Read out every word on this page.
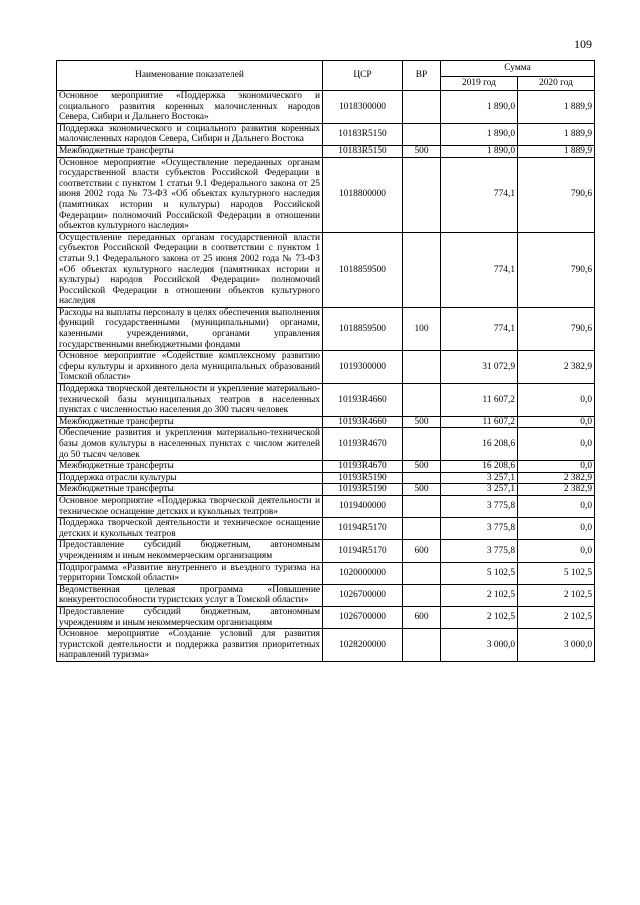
109
Наименование показателей	ЦСР	ВР	Сумма	
			2019 год	2020 год
Основное мероприятие «Поддержка экономического и социального развития коренных малочисленных народов Севера, Сибири и Дальнего Востока»	1018300000		1 890,0	1 889,9
Поддержка экономического и социального развития коренных малочисленных народов Севера, Сибири и Дальнего Востока	10183R5150		1 890,0	1 889,9
Межбюджетные трансферты	10183R5150	500	1 890,0	1 889,9
Основное мероприятие «Осуществление переданных органам государственной власти субъектов Российской Федерации в соответствии с пунктом 1 статьи 9.1 Федерального закона от 25 июня 2002 года № 73-ФЗ «Об объектах культурного наследия (памятниках истории и культуры) народов Российской Федерации» полномочий Российской Федерации в отношении объектов культурного наследия»	1018800000		774,1	790,6
Осуществление переданных органам государственной власти субъектов Российской Федерации в соответствии с пунктом 1 статьи 9.1 Федерального закона от 25 июня 2002 года № 73-ФЗ «Об объектах культурного наследия (памятниках истории и культуры) народов Российской Федерации» полномочий Российской Федерации в отношении объектов культурного наследия	1018859500		774,1	790,6
Расходы на выплаты персоналу в целях обеспечения выполнения функций государственными (муниципальными) органами, казенными учреждениями, органами управления государственными внебюджетными фондами	1018859500	100	774,1	790,6
Основное мероприятие «Содействие комплексному развитию сферы культуры и архивного дела муниципальных образований Томской области»	1019300000		31 072,9	2 382,9
Поддержка творческой деятельности и укрепление материально-технической базы муниципальных театров в населенных пунктах с численностью населения до 300 тысяч человек	10193R4660		11 607,2	0,0
Межбюджетные трансферты	10193R4660	500	11 607,2	0,0
Обеспечение развития и укрепления материально-технической базы домов культуры в населенных пунктах с числом жителей до 50 тысяч человек	10193R4670		16 208,6	0,0
Межбюджетные трансферты	10193R4670	500	16 208,6	0,0
Поддержка отрасли культуры	10193R5190		3 257,1	2 382,9
Межбюджетные трансферты	10193R5190	500	3 257,1	2 382,9
Основное мероприятие «Поддержка творческой деятельности и техническое оснащение детских и кукольных театров»	1019400000		3 775,8	0,0
Поддержка творческой деятельности и техническое оснащение детских и кукольных театров	10194R5170		3 775,8	0,0
Предоставление субсидий бюджетным, автономным учреждениям и иным некоммерческим организациям	10194R5170	600	3 775,8	0,0
Подпрограмма «Развитие внутреннего и въездного туризма на территории Томской области»	1020000000		5 102,5	5 102,5
Ведомственная целевая программа «Повышение конкурентоспособности туристских услуг в Томской области»	1026700000		2 102,5	2 102,5
Предоставление субсидий бюджетным, автономным учреждениям и иным некоммерческим организациям	1026700000	600	2 102,5	2 102,5
Основное мероприятие «Создание условий для развития туристской деятельности и поддержка развития приоритетных направлений туризма»	1028200000		3 000,0	3 000,0
